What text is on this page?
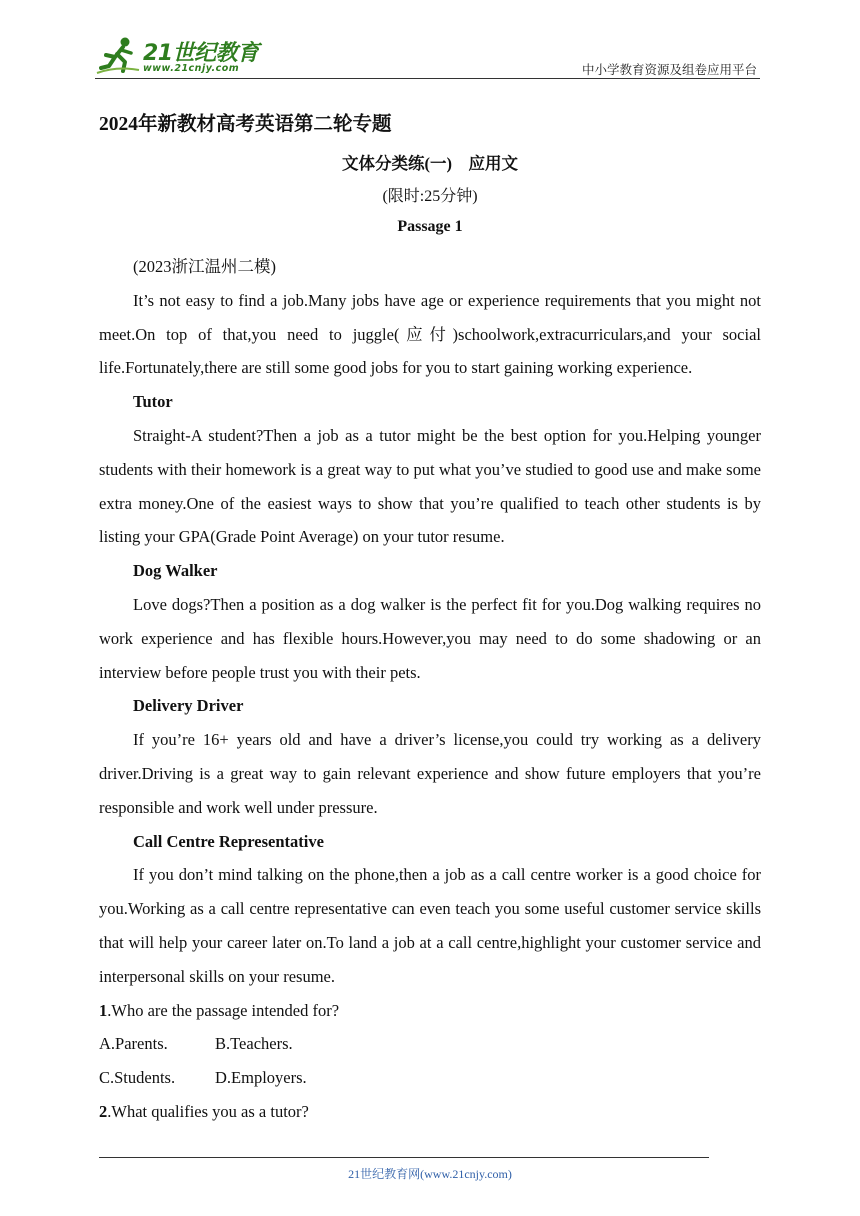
21世纪教育
www.21cnjy.com	中小学教育资源及组卷应用平台
2024年新教材高考英语第二轮专题
文体分类练(一)　应用文
(限时:25分钟)
Passage 1

(2023浙江温州二模)

It’s not easy to find a job.Many jobs have age or experience requirements that you might not meet.On top of that,you need to juggle(应付)schoolwork,extracurriculars,and your social life.Fortunately,there are still some good jobs for you to start gaining working experience.

Tutor

Straight-A student?Then a job as a tutor might be the best option for you.Helping younger students with their homework is a great way to put what you’ve studied to good use and make some extra money.One of the easiest ways to show that you’re qualified to teach other students is by listing your GPA(Grade Point Average) on your tutor resume.

Dog Walker

Love dogs?Then a position as a dog walker is the perfect fit for you.Dog walking requires no work experience and has flexible hours.However,you may need to do some shadowing or an interview before people trust you with their pets.

Delivery Driver

If you’re 16+ years old and have a driver’s license,you could try working as a delivery driver.Driving is a great way to gain relevant experience and show future employers that you’re responsible and work well under pressure.

Call Centre Representative

If you don’t mind talking on the phone,then a job as a call centre worker is a good choice for you.Working as a call centre representative can even teach you some useful customer service skills that will help your career later on.To land a job at a call centre,highlight your customer service and interpersonal skills on your resume.

1.Who are the passage intended for?

A.Parents.	B.Teachers.

C.Students. D.Employers.

2.What qualifies you as a tutor?

21世纪教育网(www.21cnjy.com)
